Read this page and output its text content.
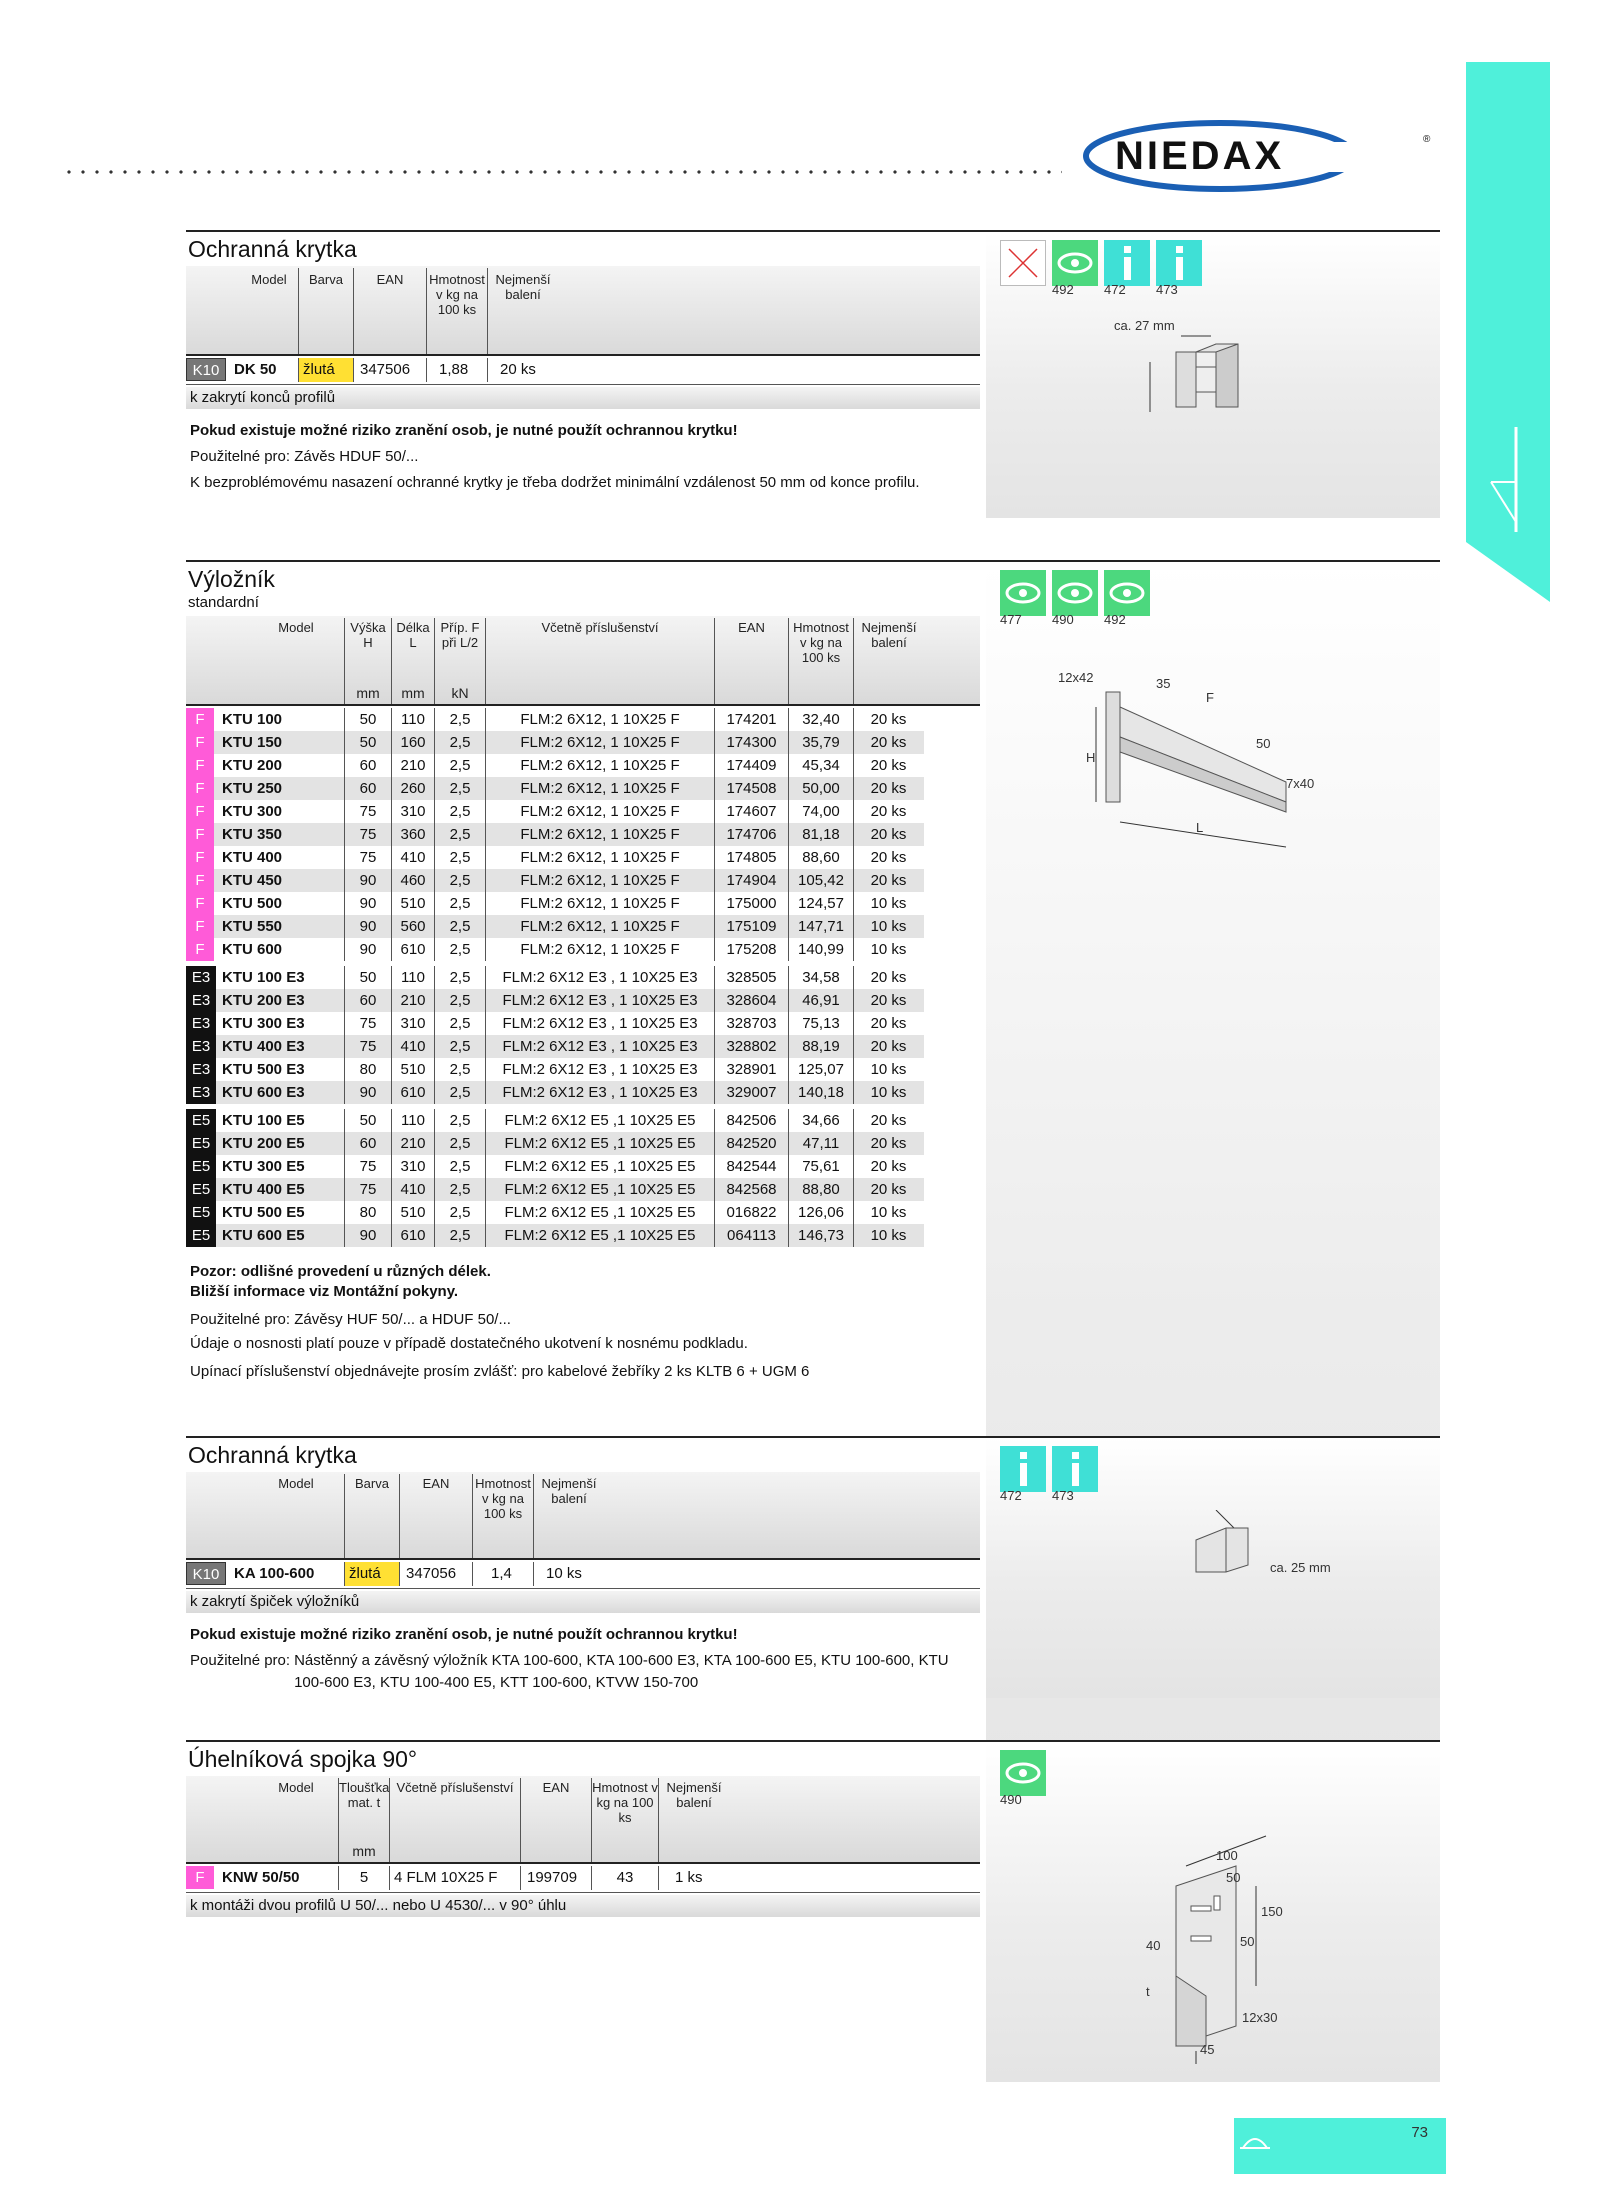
NIEDAX	®
73
Ochranná krytka
492	472	473
ca. 27 mm

Model	Barva	EAN	Hmotnost v kg na 100 ks
Nejmenší balení
K10 DK 50	žlutá	347506	1,88	20 ks
k zakrytí konců profilů
Pokud existuje možné riziko zranění osob, je nutné použít ochrannou krytku!
Použitelné pro: Závěs HDUF 50/...
K bezproblémovému nasazení ochranné krytky je třeba dodržet minimální vzdálenost 50 mm od konce profilu.
Výložník
standardní
477	490	492
12x42	35
F
50
7x40
H
L
Model	Výška H
mm
Délka L
mm
Příp. F při L/2
kN
Včetně příslušenství	EAN	Hmotnost v kg na 100 ks
Nejmenší balení
F	KTU 100	50	110	2,5	FLM:2 6X12, 1 10X25 F	174201	32,40	20 ks
F	KTU 150	50	160	2,5	FLM:2 6X12, 1 10X25 F	174300	35,79	20 ks
F	KTU 200	60	210	2,5	FLM:2 6X12, 1 10X25 F	174409	45,34	20 ks
F	KTU 250	60	260	2,5	FLM:2 6X12, 1 10X25 F	174508	50,00	20 ks
F	KTU 300	75	310	2,5	FLM:2 6X12, 1 10X25 F	174607	74,00	20 ks
F	KTU 350	75	360	2,5	FLM:2 6X12, 1 10X25 F	174706	81,18	20 ks
F	KTU 400	75	410	2,5	FLM:2 6X12, 1 10X25 F	174805	88,60	20 ks
F	KTU 450	90	460	2,5	FLM:2 6X12, 1 10X25 F	174904	105,42	20 ks
F	KTU 500	90	510	2,5	FLM:2 6X12, 1 10X25 F	175000	124,57	10 ks
F	KTU 550	90	560	2,5	FLM:2 6X12, 1 10X25 F	175109	147,71	10 ks
F	KTU 600	90	610	2,5	FLM:2 6X12, 1 10X25 F	175208	140,99	10 ks
E3 KTU 100 E3	50	110	2,5	FLM:2 6X12 E3 , 1 10X25 E3	328505	34,58	20 ks
E3 KTU 200 E3	60	210	2,5	FLM:2 6X12 E3 , 1 10X25 E3	328604	46,91	20 ks
E3 KTU 300 E3	75	310	2,5	FLM:2 6X12 E3 , 1 10X25 E3	328703	75,13	20 ks
E3 KTU 400 E3	75	410	2,5	FLM:2 6X12 E3 , 1 10X25 E3	328802	88,19	20 ks
E3 KTU 500 E3	80	510	2,5	FLM:2 6X12 E3 , 1 10X25 E3	328901	125,07	10 ks
E3 KTU 600 E3	90	610	2,5	FLM:2 6X12 E3 , 1 10X25 E3	329007	140,18	10 ks
E5 KTU 100 E5	50	110	2,5	FLM:2 6X12 E5 ,1 10X25 E5	842506	34,66	20 ks
E5 KTU 200 E5	60	210	2,5	FLM:2 6X12 E5 ,1 10X25 E5	842520	47,11	20 ks
E5 KTU 300 E5	75	310	2,5	FLM:2 6X12 E5 ,1 10X25 E5	842544	75,61	20 ks
E5 KTU 400 E5	75	410	2,5	FLM:2 6X12 E5 ,1 10X25 E5	842568	88,80	20 ks
E5 KTU 500 E5	80	510	2,5	FLM:2 6X12 E5 ,1 10X25 E5	016822	126,06	10 ks
E5 KTU 600 E5	90	610	2,5	FLM:2 6X12 E5 ,1 10X25 E5	064113	146,73	10 ks
Pozor: odlišné provedení u různých délek.
Bližší informace viz Montážní pokyny.
Použitelné pro: Závěsy HUF 50/... a HDUF 50/...
Údaje o nosnosti platí pouze v případě dostatečného ukotvení k nosnému podkladu.
Upínací příslušenství objednávejte prosím zvlášť: pro kabelové žebříky 2 ks KLTB 6 + UGM 6
Ochranná krytka
472	473
ca. 25 mm
Model	Barva	EAN	Hmotnost v kg na 100 ks
Nejmenší balení
K10 KA 100-600	žlutá	347056	1,4	10 ks
k zakrytí špiček výložníků
Pokud existuje možné riziko zranění osob, je nutné použít ochrannou krytku!
Použitelné pro: Nástěnný a závěsný výložník KTA 100-600, KTA 100-600 E3, KTA 100-600 E5, KTU 100-600, KTU 100-600 E3, KTU 100-400 E5, KTT 100-600, KTVW 150-700
Úhelníková spojka 90°
490
100
50
150
50
40
t
12x30
45
Model	Tloušťka mat. t
mm
Včetně příslušenství	EAN	Hmotnost v kg na 100 ks
Nejmenší balení
F	KNW 50/50	5	4 FLM 10X25 F	199709	43	1 ks
k montáži dvou profilů U 50/... nebo U 4530/... v 90° úhlu
